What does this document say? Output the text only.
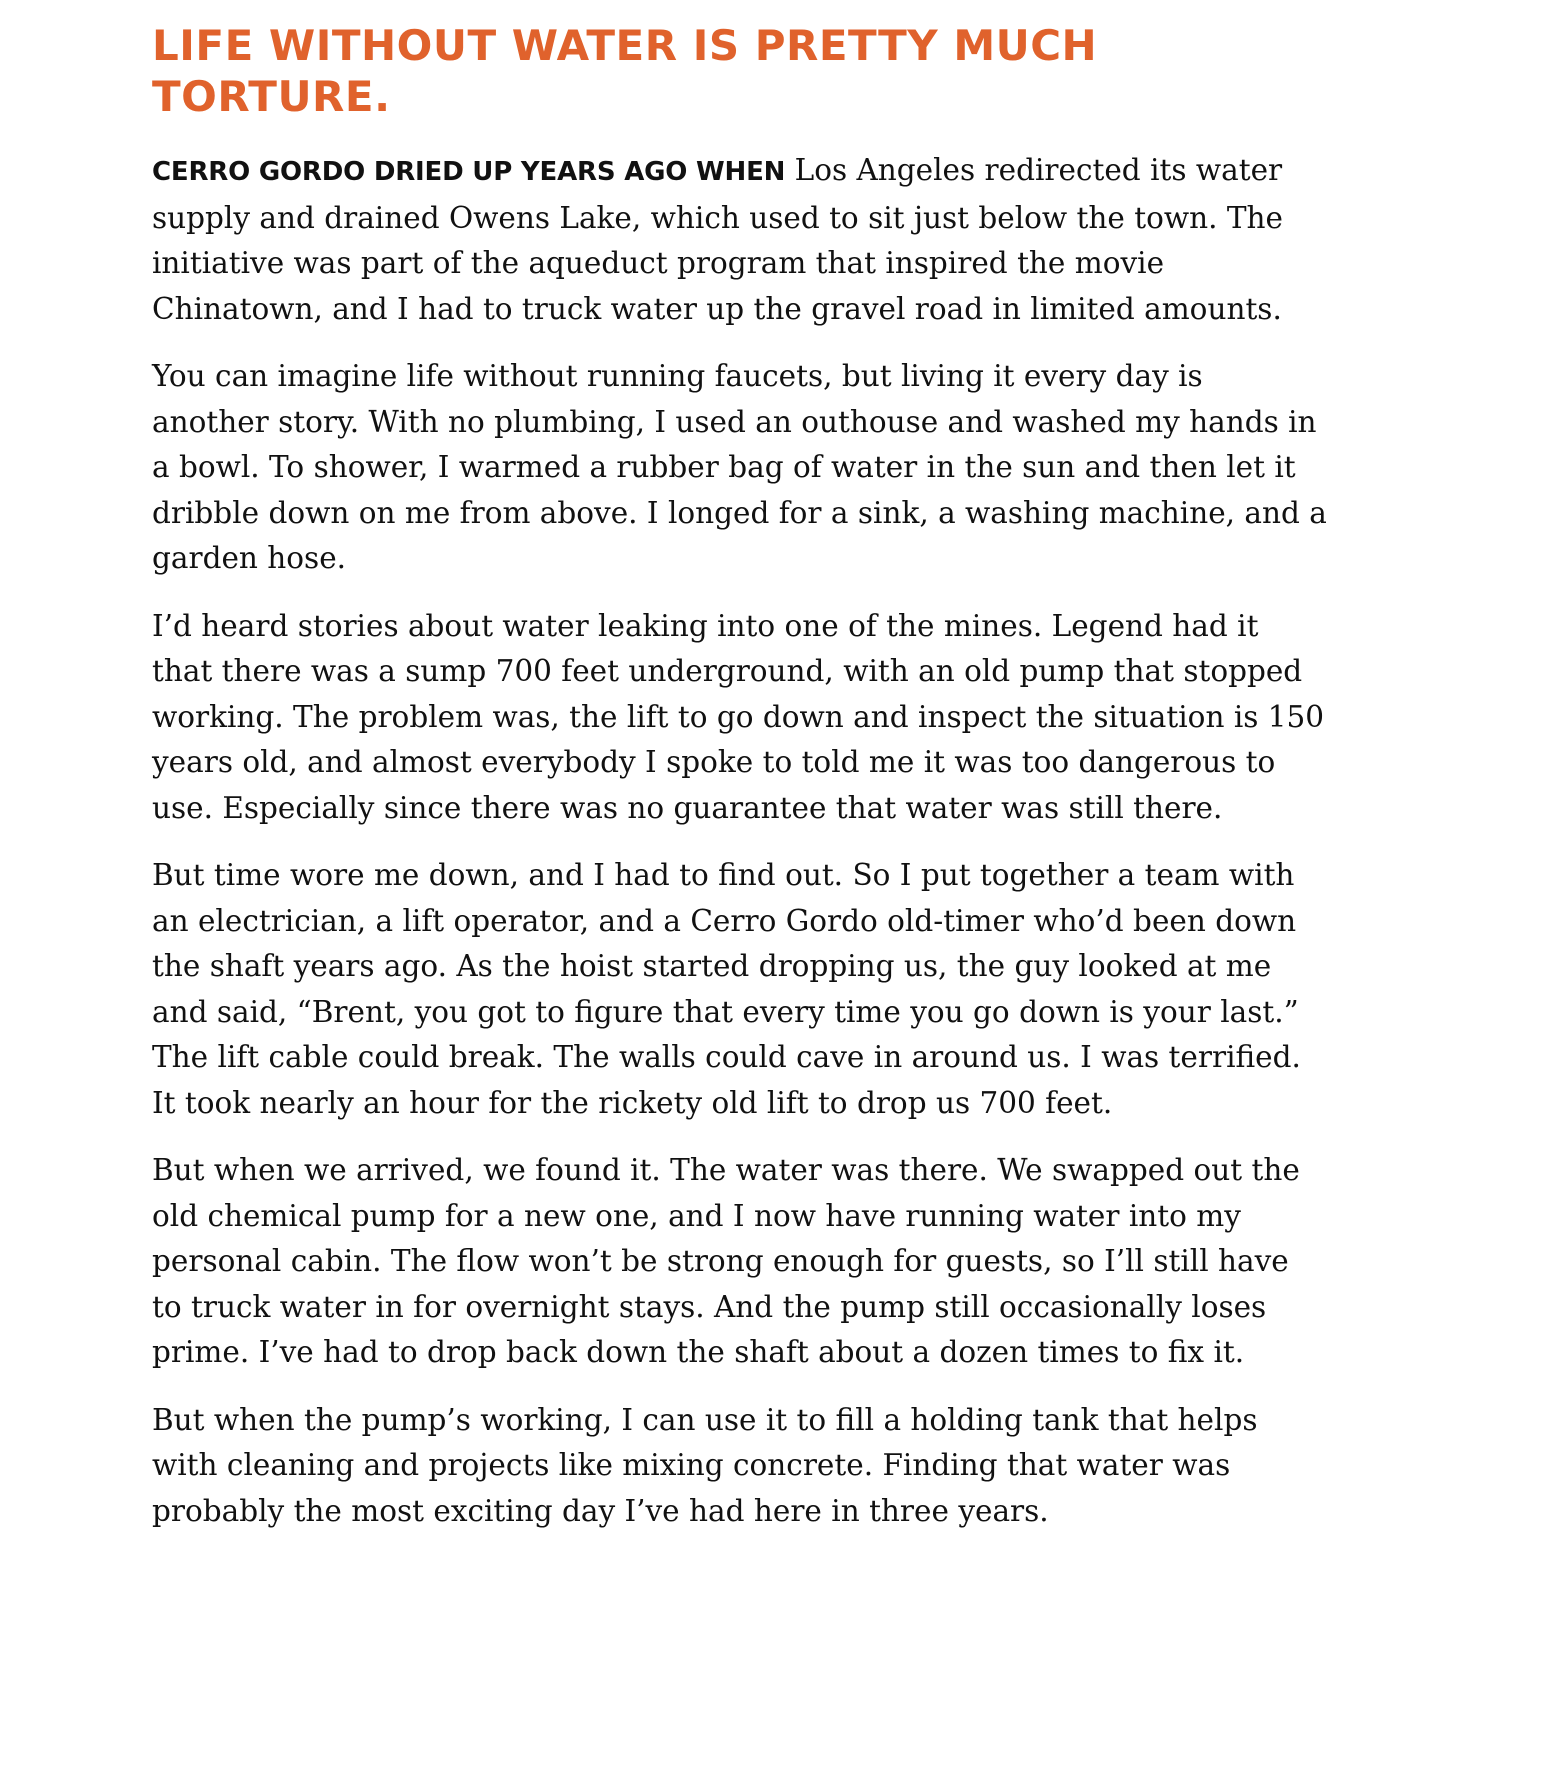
LIFE WITHOUT WATER IS PRETTY MUCH TORTURE.

CERRO GORDO DRIED UP YEARS AGO WHEN Los Angeles redirected its water supply and drained Owens Lake, which used to sit just below the town. The initiative was part of the aqueduct program that inspired the movie Chinatown, and I had to truck water up the gravel road in limited amounts.

You can imagine life without running faucets, but living it every day is another story. With no plumbing, I used an outhouse and washed my hands in a bowl. To shower, I warmed a rubber bag of water in the sun and then let it dribble down on me from above. I longed for a sink, a washing machine, and a garden hose.

I’d heard stories about water leaking into one of the mines. Legend had it that there was a sump 700 feet underground, with an old pump that stopped working. The problem was, the lift to go down and inspect the situation is 150 years old, and almost everybody I spoke to told me it was too dangerous to use. Especially since there was no guarantee that water was still there.

But time wore me down, and I had to find out. So I put together a team with an electrician, a lift operator, and a Cerro Gordo old-timer who’d been down the shaft years ago. As the hoist started dropping us, the guy looked at me and said, “Brent, you got to figure that every time you go down is your last.” The lift cable could break. The walls could cave in around us. I was terrified. It took nearly an hour for the rickety old lift to drop us 700 feet.

But when we arrived, we found it. The water was there. We swapped out the old chemical pump for a new one, and I now have running water into my personal cabin. The flow won’t be strong enough for guests, so I’ll still have to truck water in for overnight stays. And the pump still occasionally loses prime. I’ve had to drop back down the shaft about a dozen times to fix it.

But when the pump’s working, I can use it to fill a holding tank that helps with cleaning and projects like mixing concrete. Finding that water was probably the most exciting day I’ve had here in three years.
